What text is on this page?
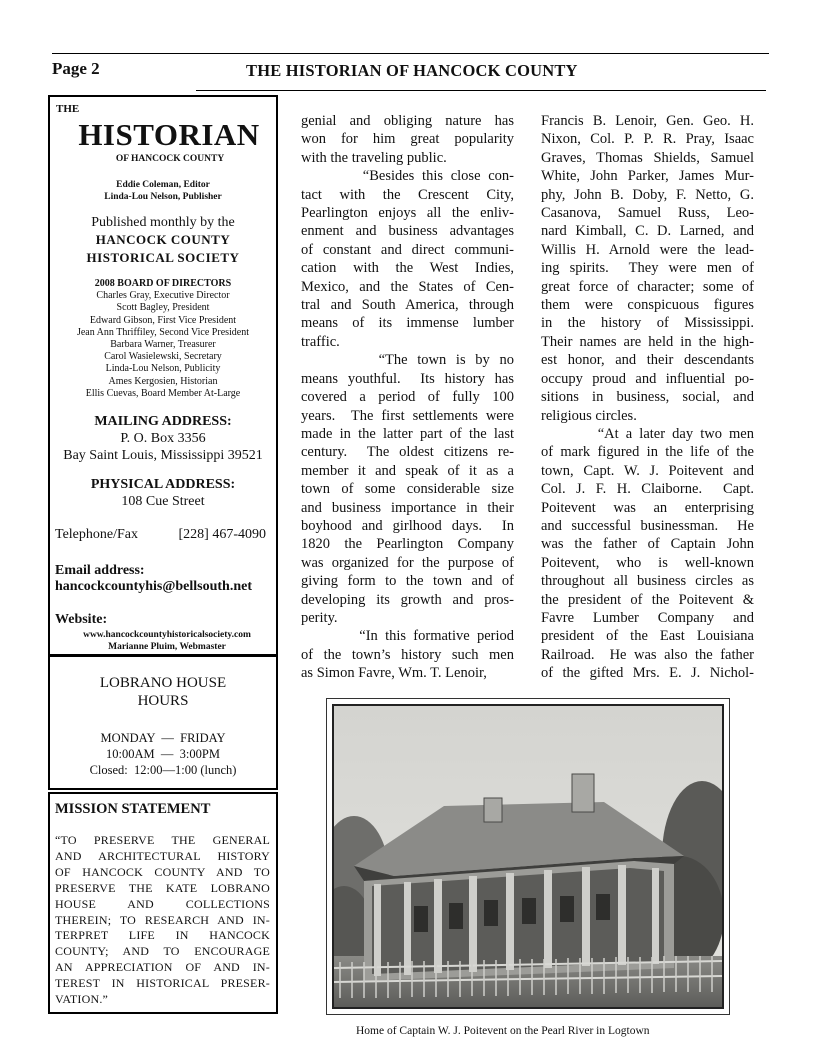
Page 2	THE HISTORIAN OF HANCOCK COUNTY
THE
HISTORIAN
OF HANCOCK COUNTY
Eddie Coleman, Editor
Linda-Lou Nelson, Publisher
Published monthly by the
HANCOCK COUNTY
HISTORICAL SOCIETY
2008 BOARD OF DIRECTORS
Charles Gray, Executive Director
Scott Bagley, President
Edward Gibson, First Vice President
Jean Ann Thriffiley, Second Vice President
Barbara Warner, Treasurer
Carol Wasielewski, Secretary
Linda-Lou Nelson, Publicity
Ames Kergosien, Historian
Ellis Cuevas, Board Member At-Large
MAILING ADDRESS:
P. O. Box 3356
Bay Saint Louis, Mississippi 39521
PHYSICAL ADDRESS:
108 Cue Street
Telephone/Fax	[228] 467-4090
Email address:
hancockcountyhis@bellsouth.net
Website:
www.hancockcountyhistoricalsociety.com
Marianne Pluim, Webmaster
LOBRANO HOUSE
HOURS
MONDAY  —  FRIDAY
10:00AM  —  3:00PM
Closed:  12:00—1:00 (lunch)
MISSION STATEMENT
“TO PRESERVE THE GENERAL
AND ARCHITECTURAL HISTORY
OF HANCOCK COUNTY AND TO
PRESERVE THE KATE LOBRANO
HOUSE AND COLLECTIONS
THEREIN; TO RESEARCH AND IN-
TERPRET LIFE IN HANCOCK
COUNTY; AND TO ENCOURAGE
AN APPRECIATION OF AND IN-
TEREST IN HISTORICAL PRESER-
VATION.”
genial and obliging nature has
won for him great popularity
with the traveling public.
“Besides this close con-
tact with the Crescent City,
Pearlington enjoys all the enliv-
enment and business advantages
of constant and direct communi-
cation with the West Indies,
Mexico, and the States of Cen-
tral and South America, through
means of its immense lumber
traffic.
“The town is by no
means youthful.  Its history has
covered a period of fully 100
years.  The first settlements were
made in the latter part of the last
century.  The oldest citizens re-
member it and speak of it as a
town of some considerable size
and business importance in their
boyhood and girlhood days.  In
1820 the Pearlington Company
was organized for the purpose of
giving form to the town and of
developing its growth and pros-
perity.
“In this formative period
of the town’s history such men
as Simon Favre, Wm. T. Lenoir,
Francis B. Lenoir, Gen. Geo. H.
Nixon, Col. P. P. R. Pray, Isaac
Graves, Thomas Shields, Samuel
White, John Parker, James Mur-
phy, John B. Doby, F. Netto, G.
Casanova, Samuel Russ, Leo-
nard Kimball, C. D. Larned, and
Willis H. Arnold were the lead-
ing spirits.  They were men of
great force of character; some of
them were conspicuous figures
in the history of Mississippi.
Their names are held in the high-
est honor, and their descendants
occupy proud and influential po-
sitions in business, social, and
religious circles.
“At a later day two men
of mark figured in the life of the
town, Capt. W. J. Poitevent and
Col. J. F. H. Claiborne.  Capt.
Poitevent was an enterprising
and successful businessman.  He
was the father of Captain John
Poitevent, who is well-known
throughout all business circles as
the president of the Poitevent &
Favre Lumber Company and
president of the East Louisiana
Railroad.  He was also the father
of the gifted Mrs. E. J. Nichol-
Home of Captain W. J. Poitevent on the Pearl River in Logtown
